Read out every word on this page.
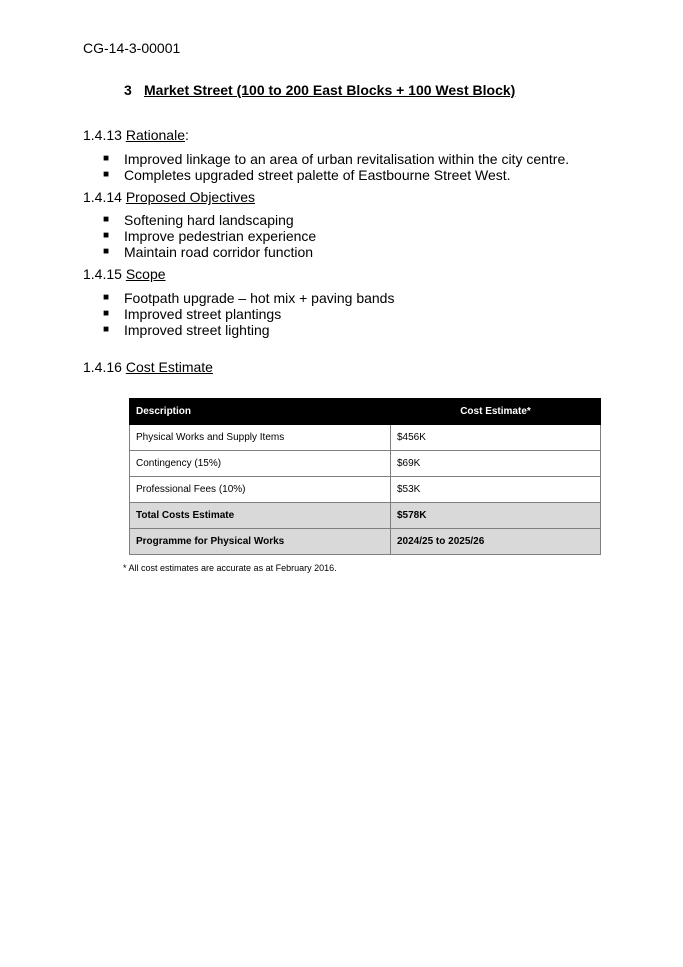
CG-14-3-00001
3 Market Street (100 to 200 East Blocks + 100 West Block)
1.4.13 Rationale:
■ Improved linkage to an area of urban revitalisation within the city centre.
■ Completes upgraded street palette of Eastbourne Street West.
1.4.14 Proposed Objectives
■ Softening hard landscaping
■ Improve pedestrian experience
■ Maintain road corridor function
1.4.15 Scope
■ Footpath upgrade – hot mix + paving bands
■ Improved street plantings
■ Improved street lighting
1.4.16 Cost Estimate
Description	Cost Estimate*
Physical Works and Supply Items	$456K
Contingency (15%)	$69K
Professional Fees (10%)	$53K
Total Costs Estimate	$578K
Programme for Physical Works	2024/25 to 2025/26
* All cost estimates are accurate as at February 2016.
